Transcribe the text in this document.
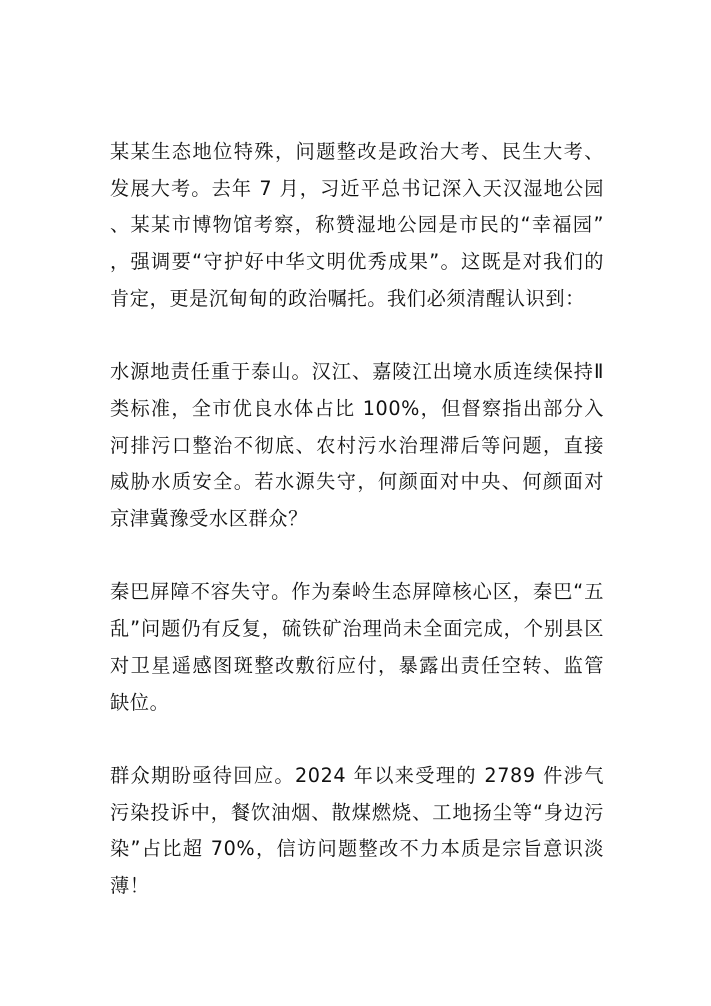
某某生态地位特殊，问题整改是政治大考、民生大考、发展大考。去年 7 月，习近平总书记深入天汉湿地公园、某某市博物馆考察，称赞湿地公园是市民的“幸福园”，强调要“守护好中华文明优秀成果”。这既是对我们的肯定，更是沉甸甸的政治嘱托。我们必须清醒认识到：

水源地责任重于泰山。汉江、嘉陵江出境水质连续保持Ⅱ类标准，全市优良水体占比 100%，但督察指出部分入河排污口整治不彻底、农村污水治理滞后等问题，直接威胁水质安全。若水源失守，何颜面对中央、何颜面对京津冀豫受水区群众？

秦巴屏障不容失守。作为秦岭生态屏障核心区，秦巴“五乱”问题仍有反复，硫铁矿治理尚未全面完成，个别县区对卫星遥感图斑整改敷衍应付，暴露出责任空转、监管缺位。

群众期盼亟待回应。2024 年以来受理的 2789 件涉气污染投诉中，餐饮油烟、散煤燃烧、工地扬尘等“身边污染”占比超 70%，信访问题整改不力本质是宗旨意识淡薄！
